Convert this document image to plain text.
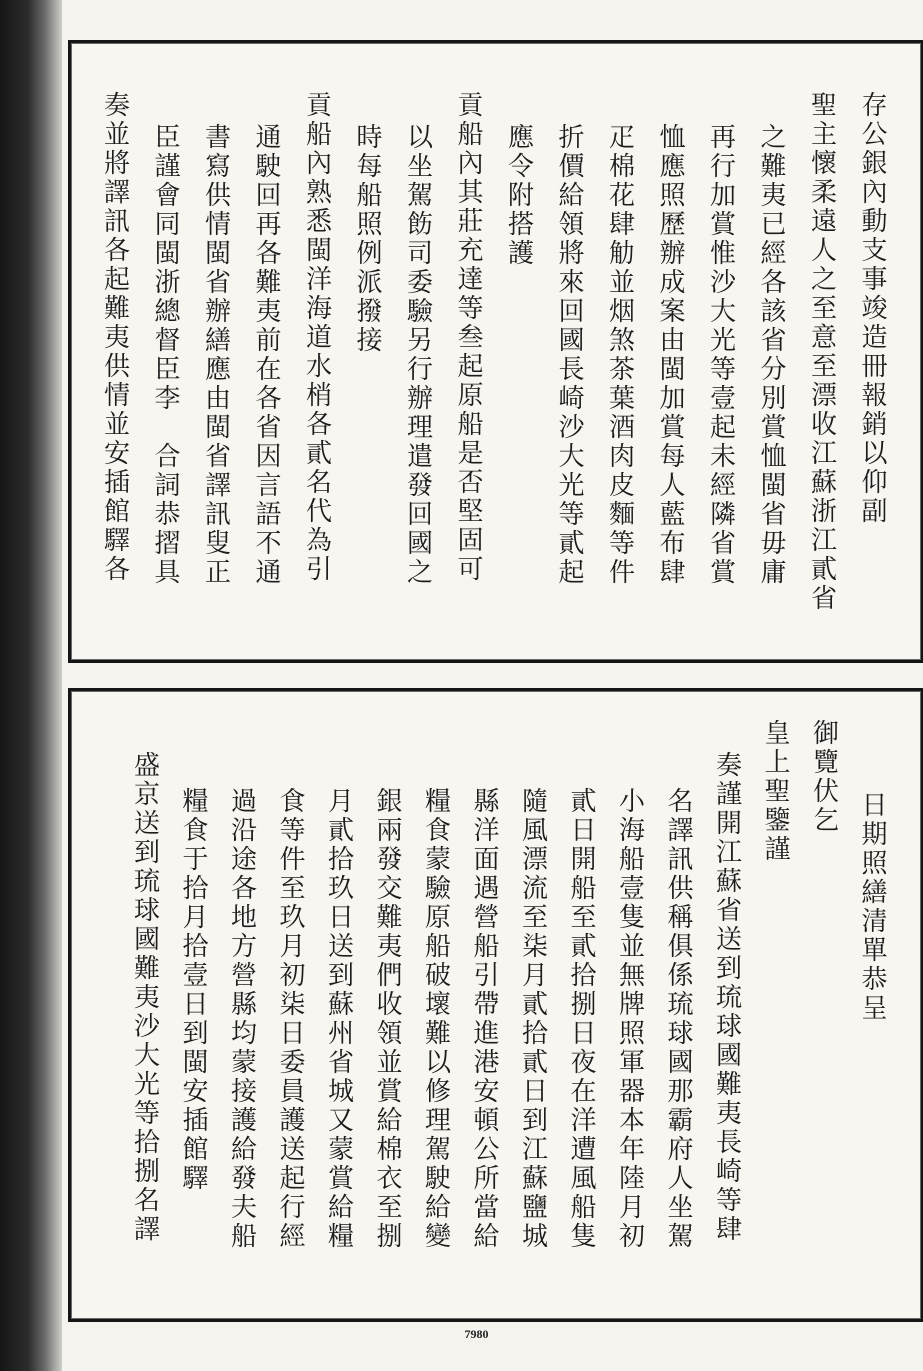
存公銀內動支事竣造冊報銷以仰副
聖主懷柔遠人之至意至漂收江蘇浙江貳省
之難夷已經各該省分別賞恤閩省毋庸
再行加賞惟沙大光等壹起未經隣省賞
恤應照歷辦成案由閩加賞每人藍布肆
疋棉花肆觔並烟煞茶葉酒肉皮麵等件
折價給領將來回國長崎沙大光等貳起
應令附搭護
貢船內其莊充達等叁起原船是否堅固可
以坐駕飭司委驗另行辦理遣發回國之
時每船照例派撥接
貢船內熟悉閩洋海道水梢各貳名代為引
通駛回再各難夷前在各省因言語不通
書寫供情閩省辦繕應由閩省譯訊叟正
臣謹會同閩浙總督臣李　合詞恭摺具
奏並將譯訊各起難夷供情並安插館驛各
日期照繕清單恭呈
御覽伏乞
皇上聖鑒謹
奏謹開江蘇省送到琉球國難夷長崎等肆
名譯訊供稱俱係琉球國那霸府人坐駕
小海船壹隻並無牌照軍器本年陸月初
貳日開船至貳拾捌日夜在洋遭風船隻
隨風漂流至柒月貳拾貳日到江蘇鹽城
縣洋面遇營船引帶進港安頓公所當給
糧食蒙驗原船破壞難以修理駕駛給變
銀兩發交難夷們收領並賞給棉衣至捌
月貳拾玖日送到蘇州省城又蒙賞給糧
食等件至玖月初柒日委員護送起行經
過沿途各地方營縣均蒙接護給發夫船
糧食于拾月拾壹日到閩安插館驛
盛京送到琉球國難夷沙大光等拾捌名譯
7980
